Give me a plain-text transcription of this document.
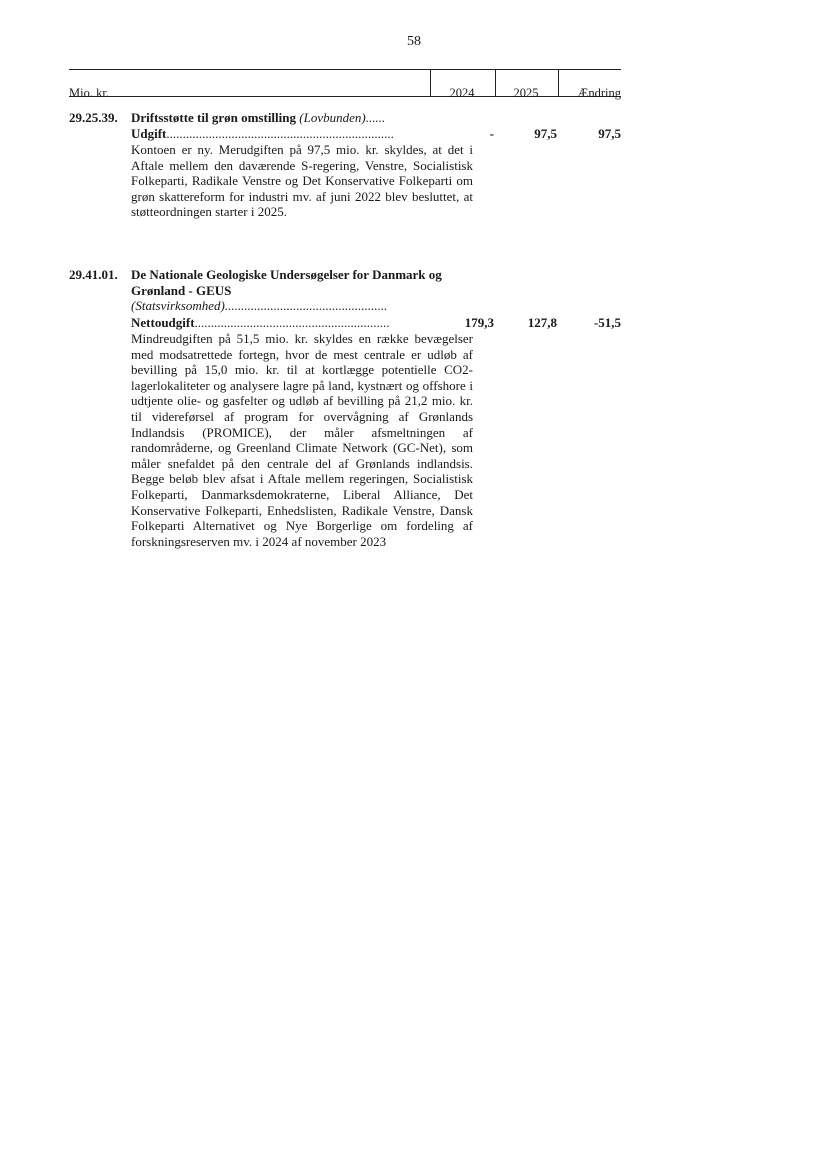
58
Mio. kr.	2024	2025	Ændring
29.25.39.	Driftsstøtte til grøn omstilling (Lovbunden)......
Udgift......................................................................	-	97,5	97,5
Kontoen er ny. Merudgiften på 97,5 mio. kr. skyldes, at det i Aftale mellem den daværende S-regering, Venstre, Socialistisk Folkeparti, Radikale Venstre og Det Konservative Folkeparti om grøn skattereform for industri mv. af juni 2022 blev besluttet, at støtteordningen starter i 2025.
29.41.01.	De Nationale Geologiske Undersøgelser for Danmark og Grønland - GEUS
(Statsvirksomhed)..................................................
Nettoudgift............................................................	179,3	127,8	-51,5
Mindreudgiften på 51,5 mio. kr. skyldes en række bevægelser med modsatrettede fortegn, hvor de mest centrale er udløb af bevilling på 15,0 mio. kr. til at kortlægge potentielle CO2-lagerlokaliteter og analysere lagre på land, kystnært og offshore i udtjente olie- og gasfelter og udløb af bevilling på 21,2 mio. kr. til videreførsel af program for overvågning af Grønlands Indlandsis (PROMICE), der måler afsmeltningen af randområderne, og Greenland Climate Network (GC-Net), som måler snefaldet på den centrale del af Grønlands indlandsis. Begge beløb blev afsat i Aftale mellem regeringen, Socialistisk Folkeparti, Danmarksdemokraterne, Liberal Alliance, Det Konservative Folkeparti, Enhedslisten, Radikale Venstre, Dansk Folkeparti Alternativet og Nye Borgerlige om fordeling af forskningsreserven mv. i 2024 af november 2023
